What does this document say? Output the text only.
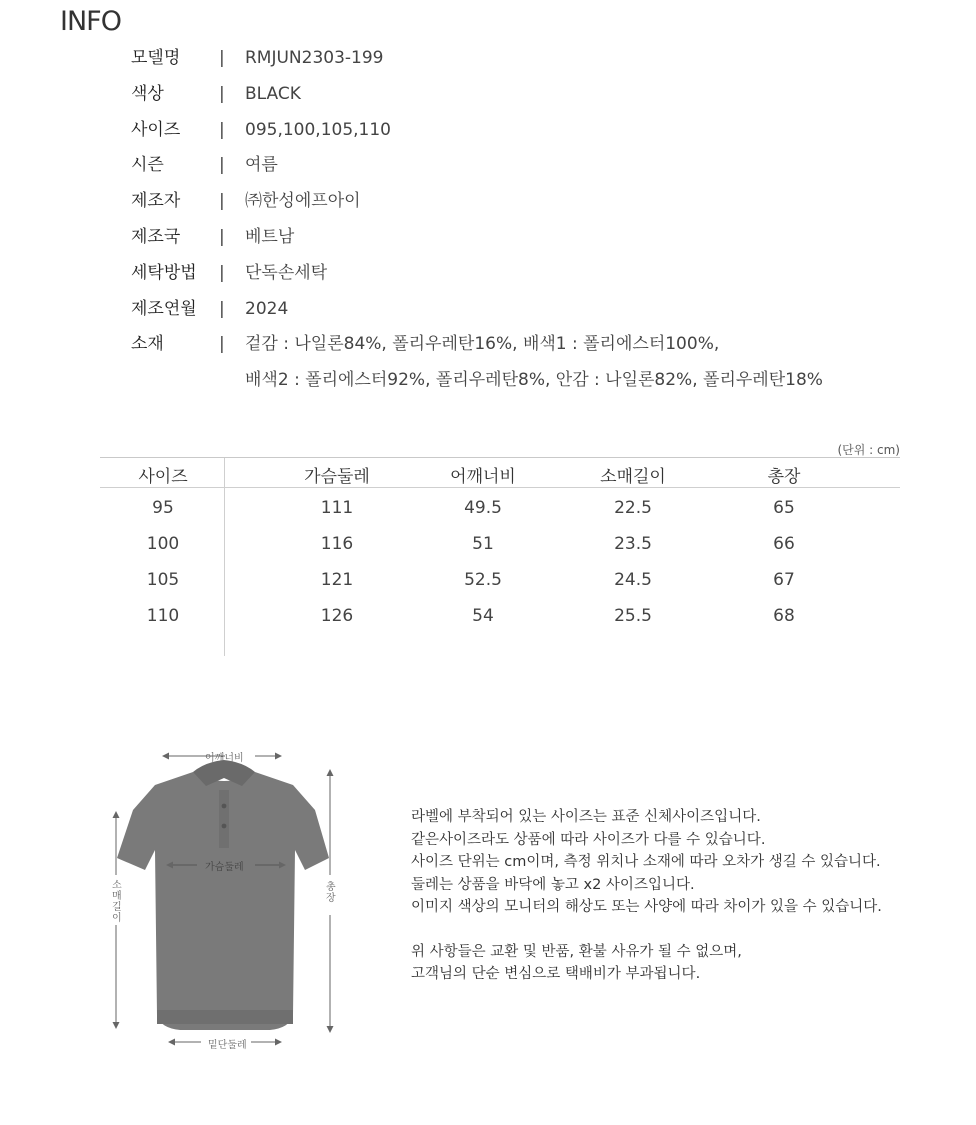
INFO
모델명 | RMJUN2303-199
색상	| BLACK
사이즈 | 095,100,105,110
시즌	| 여름
제조자 | ㈜한성에프아이
제조국 | 베트남
세탁방법 | 단독손세탁
제조연월 | 2024
소재	| 겉감 : 나일론84%, 폴리우레탄16%, 배색1 : 폴리에스터100%,
배색2 : 폴리에스터92%, 폴리우레탄8%, 안감 : 나일론82%, 폴리우레탄18%
(단위 : cm)
사이즈	가슴둘레	어깨너비	소매길이	총장
95	111	49.5	22.5	65
100	116	51	23.5	66
105	121	52.5	24.5	67
110	126	54	25.5	68
어깨너비
가슴둘레
소매길이
총장
밑단둘레
라벨에 부착되어 있는 사이즈는 표준 신체사이즈입니다.
같은사이즈라도 상품에 따라 사이즈가 다를 수 있습니다.
사이즈 단위는 cm이며, 측정 위치나 소재에 따라 오차가 생길 수 있습니다.
둘레는 상품을 바닥에 놓고 x2 사이즈입니다.
이미지 색상의 모니터의 해상도 또는 사양에 따라 차이가 있을 수 있습니다.
위 사항들은 교환 및 반품, 환불 사유가 될 수 없으며,
고객님의 단순 변심으로 택배비가 부과됩니다.
